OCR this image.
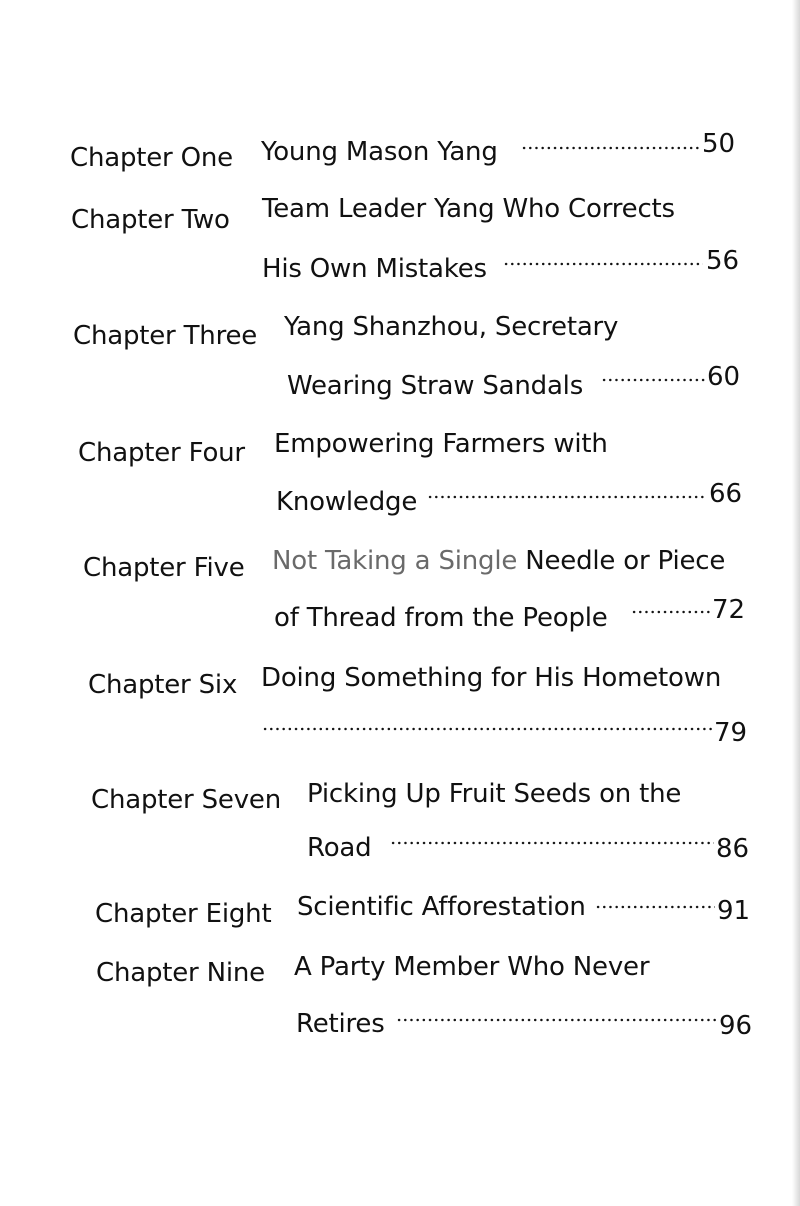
Chapter One Young Mason Yang	50
Chapter Two Team Leader Yang Who Corrects
His Own Mistakes	56
Chapter Three Yang Shanzhou, Secretary
Wearing Straw Sandals	60
Chapter Four Empowering Farmers with
Knowledge	66
Chapter Five Not Taking a Single Needle or Piece
of Thread from the People	72
Chapter Six Doing Something for His Hometown
79
Chapter Seven Picking Up Fruit Seeds on the
Road	86
Chapter Eight Scientific Afforestation	91
Chapter Nine A Party Member Who Never
Retires	96
